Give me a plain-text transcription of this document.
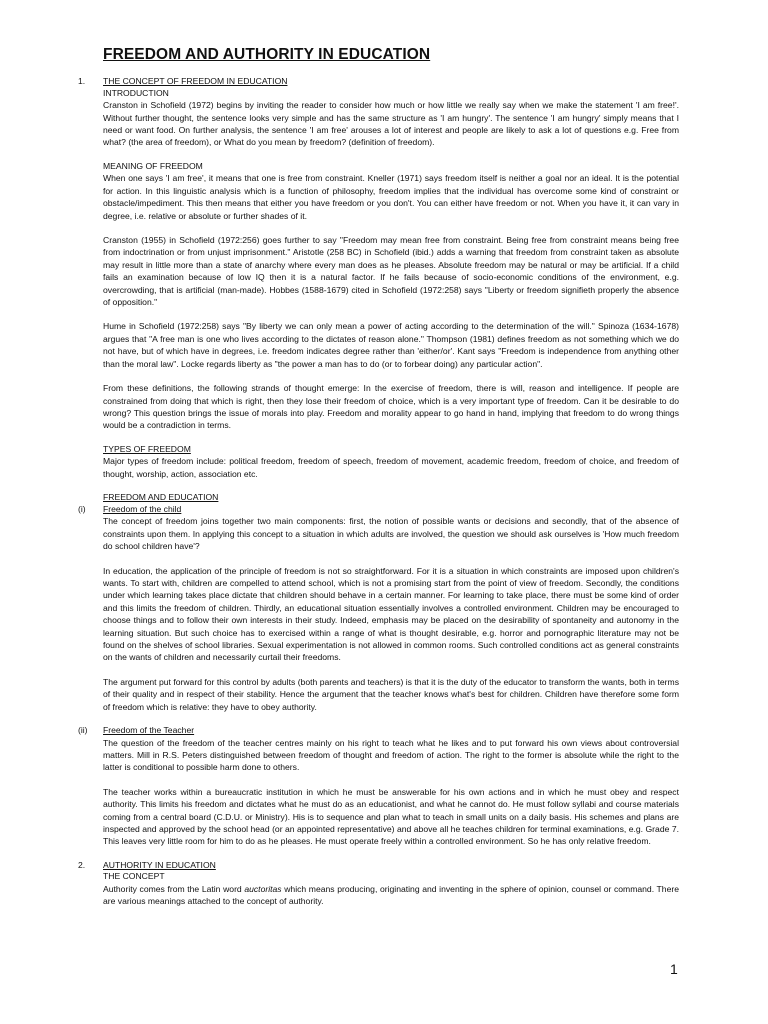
FREEDOM AND AUTHORITY IN EDUCATION
1.	THE CONCEPT OF FREEDOM IN EDUCATION
INTRODUCTION

Cranston in Schofield (1972) begins by inviting the reader to consider how much or how little we really say when we make the statement 'I am free!'. Without further thought, the sentence looks very simple and has the same structure as 'I am hungry'. The sentence 'I am hungry' simply means that I need or want food. On further analysis, the sentence 'I am free' arouses a lot of interest and people are likely to ask a lot of questions e.g. Free from what? (the area of freedom), or What do you mean by freedom? (definition of freedom).

MEANING OF FREEDOM

When one says 'I am free', it means that one is free from constraint. Kneller (1971) says freedom itself is neither a goal nor an ideal. It is the potential for action. In this linguistic analysis which is a function of philosophy, freedom implies that the individual has overcome some kind of constraint or obstacle/impediment. This then means that either you have freedom or you don't. You can either have freedom or not. When you have it, it can vary in degree, i.e. relative or absolute or further shades of it.

Cranston (1955) in Schofield (1972:256) goes further to say "Freedom may mean free from constraint. Being free from constraint means being free from indoctrination or from unjust imprisonment." Aristotle (258 BC) in Schofield (ibid.) adds a warning that freedom from constraint taken as absolute may result in little more than a state of anarchy where every man does as he pleases. Absolute freedom may be natural or may be artificial. If a child fails an examination because of low IQ then it is a natural factor. If he fails because of socio-economic conditions of the environment, e.g. overcrowding, that is artificial (man-made). Hobbes (1588-1679) cited in Schofield (1972:258) says "Liberty or freedom signifieth properly the absence of opposition."

Hume in Schofield (1972:258) says "By liberty we can only mean a power of acting according to the determination of the will." Spinoza (1634-1678) argues that "A free man is one who lives according to the dictates of reason alone." Thompson (1981) defines freedom as not something which we do not have, but of which have in degrees, i.e. freedom indicates degree rather than 'either/or'. Kant says "Freedom is independence from anything other than the moral law". Locke regards liberty as "the power a man has to do (or to forbear doing) any particular action".

From these definitions, the following strands of thought emerge: In the exercise of freedom, there is will, reason and intelligence. If people are constrained from doing that which is right, then they lose their freedom of choice, which is a very important type of freedom. Can it be desirable to do wrong? This question brings the issue of morals into play. Freedom and morality appear to go hand in hand, implying that freedom to do wrong things would be a contradiction in terms.

TYPES OF FREEDOM

Major types of freedom include: political freedom, freedom of speech, freedom of movement, academic freedom, freedom of choice, and freedom of thought, worship, action, association etc.

FREEDOM AND EDUCATION
(i)	Freedom of the child

The concept of freedom joins together two main components: first, the notion of possible wants or decisions and secondly, that of the absence of constraints upon them. In applying this concept to a situation in which adults are involved, the question we should ask ourselves is 'How much freedom do school children have'?

In education, the application of the principle of freedom is not so straightforward. For it is a situation in which constraints are imposed upon children's wants. To start with, children are compelled to attend school, which is not a promising start from the point of view of freedom. Secondly, the conditions under which learning takes place dictate that children should behave in a certain manner. For learning to take place, there must be some kind of order and this limits the freedom of children. Thirdly, an educational situation essentially involves a controlled environment. Children may be encouraged to choose things and to follow their own interests in their study. Indeed, emphasis may be placed on the desirability of spontaneity and autonomy in the learning situation. But such choice has to exercised within a range of what is thought desirable, e.g. horror and pornographic literature may not be found on the shelves of school libraries. Sexual experimentation is not allowed in common rooms. Such controlled conditions act as general constraints on the wants of children and necessarily curtail their freedoms.

The argument put forward for this control by adults (both parents and teachers) is that it is the duty of the educator to transform the wants, both in terms of their quality and in respect of their stability. Hence the argument that the teacher knows what's best for children. Children have therefore some form of freedom which is relative: they have to obey authority.

(ii)	Freedom of the Teacher

The question of the freedom of the teacher centres mainly on his right to teach what he likes and to put forward his own views about controversial matters. Mill in R.S. Peters distinguished between freedom of thought and freedom of action. The right to the former is absolute while the right to the latter is conditional to possible harm done to others.

The teacher works within a bureaucratic institution in which he must be answerable for his own actions and in which he must obey and respect authority. This limits his freedom and dictates what he must do as an educationist, and what he cannot do. He must follow syllabi and course materials coming from a central board (C.D.U. or Ministry). His is to sequence and plan what to teach in small units on a daily basis. His schemes and plans are inspected and approved by the school head (or an appointed representative) and above all he teaches children for terminal examinations, e.g. Grade 7. This leaves very little room for him to do as he pleases. He must operate freely within a controlled environment. So he has only relative freedom.

2.	AUTHORITY IN EDUCATION
THE CONCEPT

Authority comes from the Latin word auctoritas which means producing, originating and inventing in the sphere of opinion, counsel or command. There are various meanings attached to the concept of authority.

1
